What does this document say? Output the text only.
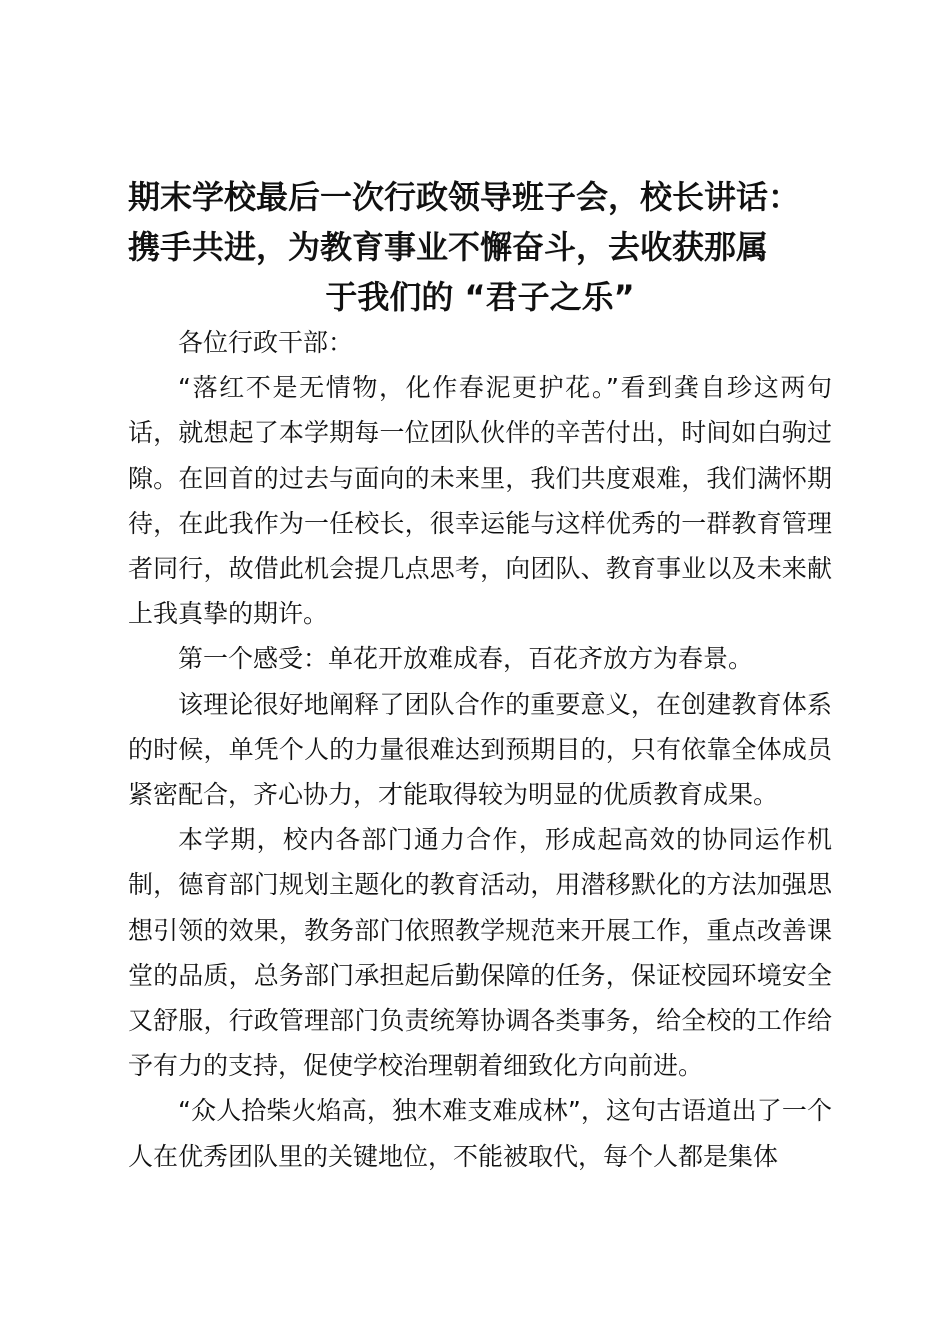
期末学校最后一次行政领导班子会，校长讲话：
携手共进，为教育事业不懈奋斗，去收获那属
于我们的 “君子之乐”

各位行政干部：

“落红不是无情物，化作春泥更护花。”看到龚自珍这两句话，就想起了本学期每一位团队伙伴的辛苦付出，时间如白驹过隙。在回首的过去与面向的未来里，我们共度艰难，我们满怀期待，在此我作为一任校长，很幸运能与这样优秀的一群教育管理者同行，故借此机会提几点思考，向团队、教育事业以及未来献上我真挚的期许。

第一个感受：单花开放难成春，百花齐放方为春景。

该理论很好地阐释了团队合作的重要意义，在创建教育体系的时候，单凭个人的力量很难达到预期目的，只有依靠全体成员紧密配合，齐心协力，才能取得较为明显的优质教育成果。

本学期，校内各部门通力合作，形成起高效的协同运作机制，德育部门规划主题化的教育活动，用潜移默化的方法加强思想引领的效果，教务部门依照教学规范来开展工作，重点改善课堂的品质，总务部门承担起后勤保障的任务，保证校园环境安全又舒服，行政管理部门负责统筹协调各类事务，给全校的工作给予有力的支持，促使学校治理朝着细致化方向前进。

“众人拾柴火焰高，独木难支难成林”，这句古语道出了一个人在优秀团队里的关键地位，不能被取代，每个人都是集体
